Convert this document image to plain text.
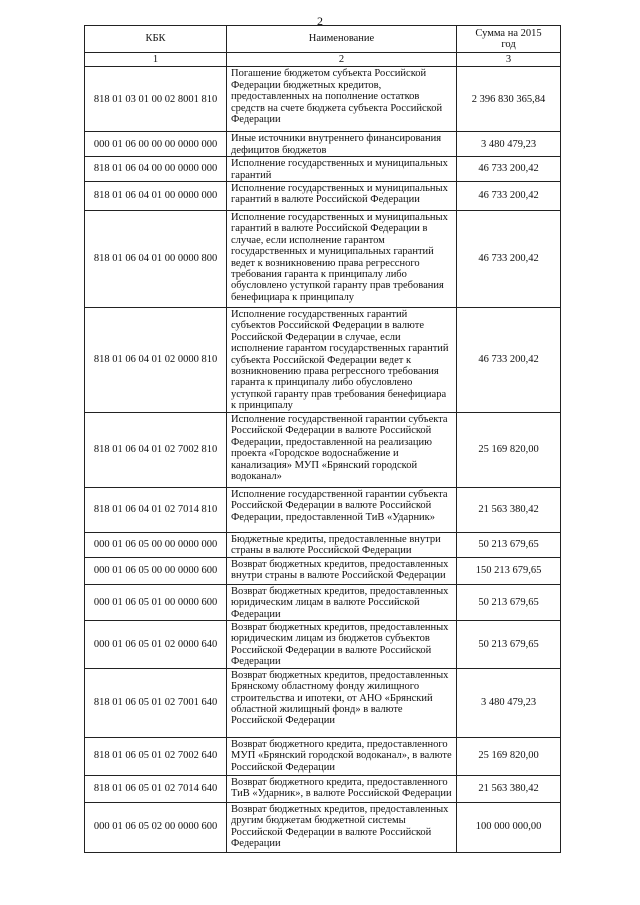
2
КБК	Наименование	Сумма на 2015 год
1	2	3
818 01 03 01 00 02 8001 810	Погашение бюджетом субъекта Российской Федерации бюджетных кредитов, предоставленных на пополнение остатков средств на счете бюджета субъекта Российской Федерации	2 396 830 365,84
000 01 06 00 00 00 0000 000	Иные источники внутреннего финансирования дефицитов бюджетов	3 480 479,23
818 01 06 04 00 00 0000 000	Исполнение государственных и муниципальных гарантий	46 733 200,42
818 01 06 04 01 00 0000 000	Исполнение государственных и муниципальных гарантий в валюте Российской Федерации	46 733 200,42
818 01 06 04 01 00 0000 800	Исполнение государственных и муниципальных гарантий в валюте Российской Федерации в случае, если исполнение гарантом государственных и муниципальных гарантий ведет к возникновению права регрессного требования гаранта к принципалу либо обусловлено уступкой гаранту прав требования бенефициара к принципалу	46 733 200,42
818 01 06 04 01 02 0000 810	Исполнение государственных гарантий субъектов Российской Федерации в валюте Российской Федерации в случае, если исполнение гарантом государственных гарантий субъекта Российской Федерации ведет к возникновению права регрессного требования гаранта к принципалу либо обусловлено уступкой гаранту прав требования бенефициара к принципалу	46 733 200,42
818 01 06 04 01 02 7002 810	Исполнение государственной гарантии субъекта Российской Федерации в валюте Российской Федерации, предоставленной на реализацию проекта «Городское водоснабжение и канализация» МУП «Брянский городской водоканал»	25 169 820,00
818 01 06 04 01 02 7014 810	Исполнение государственной гарантии субъекта Российской Федерации в валюте Российской Федерации, предоставленной ТиВ «Ударник»	21 563 380,42
000 01 06 05 00 00 0000 000	Бюджетные кредиты, предоставленные внутри страны в валюте Российской Федерации	50 213 679,65
000 01 06 05 00 00 0000 600	Возврат бюджетных кредитов, предоставленных внутри страны в валюте Российской Федерации	150 213 679,65
000 01 06 05 01 00 0000 600	Возврат бюджетных кредитов, предоставленных юридическим лицам в валюте Российской Федерации	50 213 679,65
000 01 06 05 01 02 0000 640	Возврат бюджетных кредитов, предоставленных юридическим лицам из бюджетов субъектов Российской Федерации в валюте Российской Федерации	50 213 679,65
818 01 06 05 01 02 7001 640	Возврат бюджетных кредитов, предоставленных Брянскому областному фонду жилищного строительства и ипотеки, от АНО «Брянский областной жилищный фонд» в валюте Российской Федерации	3 480 479,23
818 01 06 05 01 02 7002 640	Возврат бюджетного кредита, предоставленного МУП «Брянский городской водоканал», в валюте Российской Федерации	25 169 820,00
818 01 06 05 01 02 7014 640	Возврат бюджетного кредита, предоставленного ТиВ «Ударник», в валюте Российской Федерации	21 563 380,42
000 01 06 05 02 00 0000 600	Возврат бюджетных кредитов, предоставленных другим бюджетам бюджетной системы Российской Федерации в валюте Российской Федерации	100 000 000,00
